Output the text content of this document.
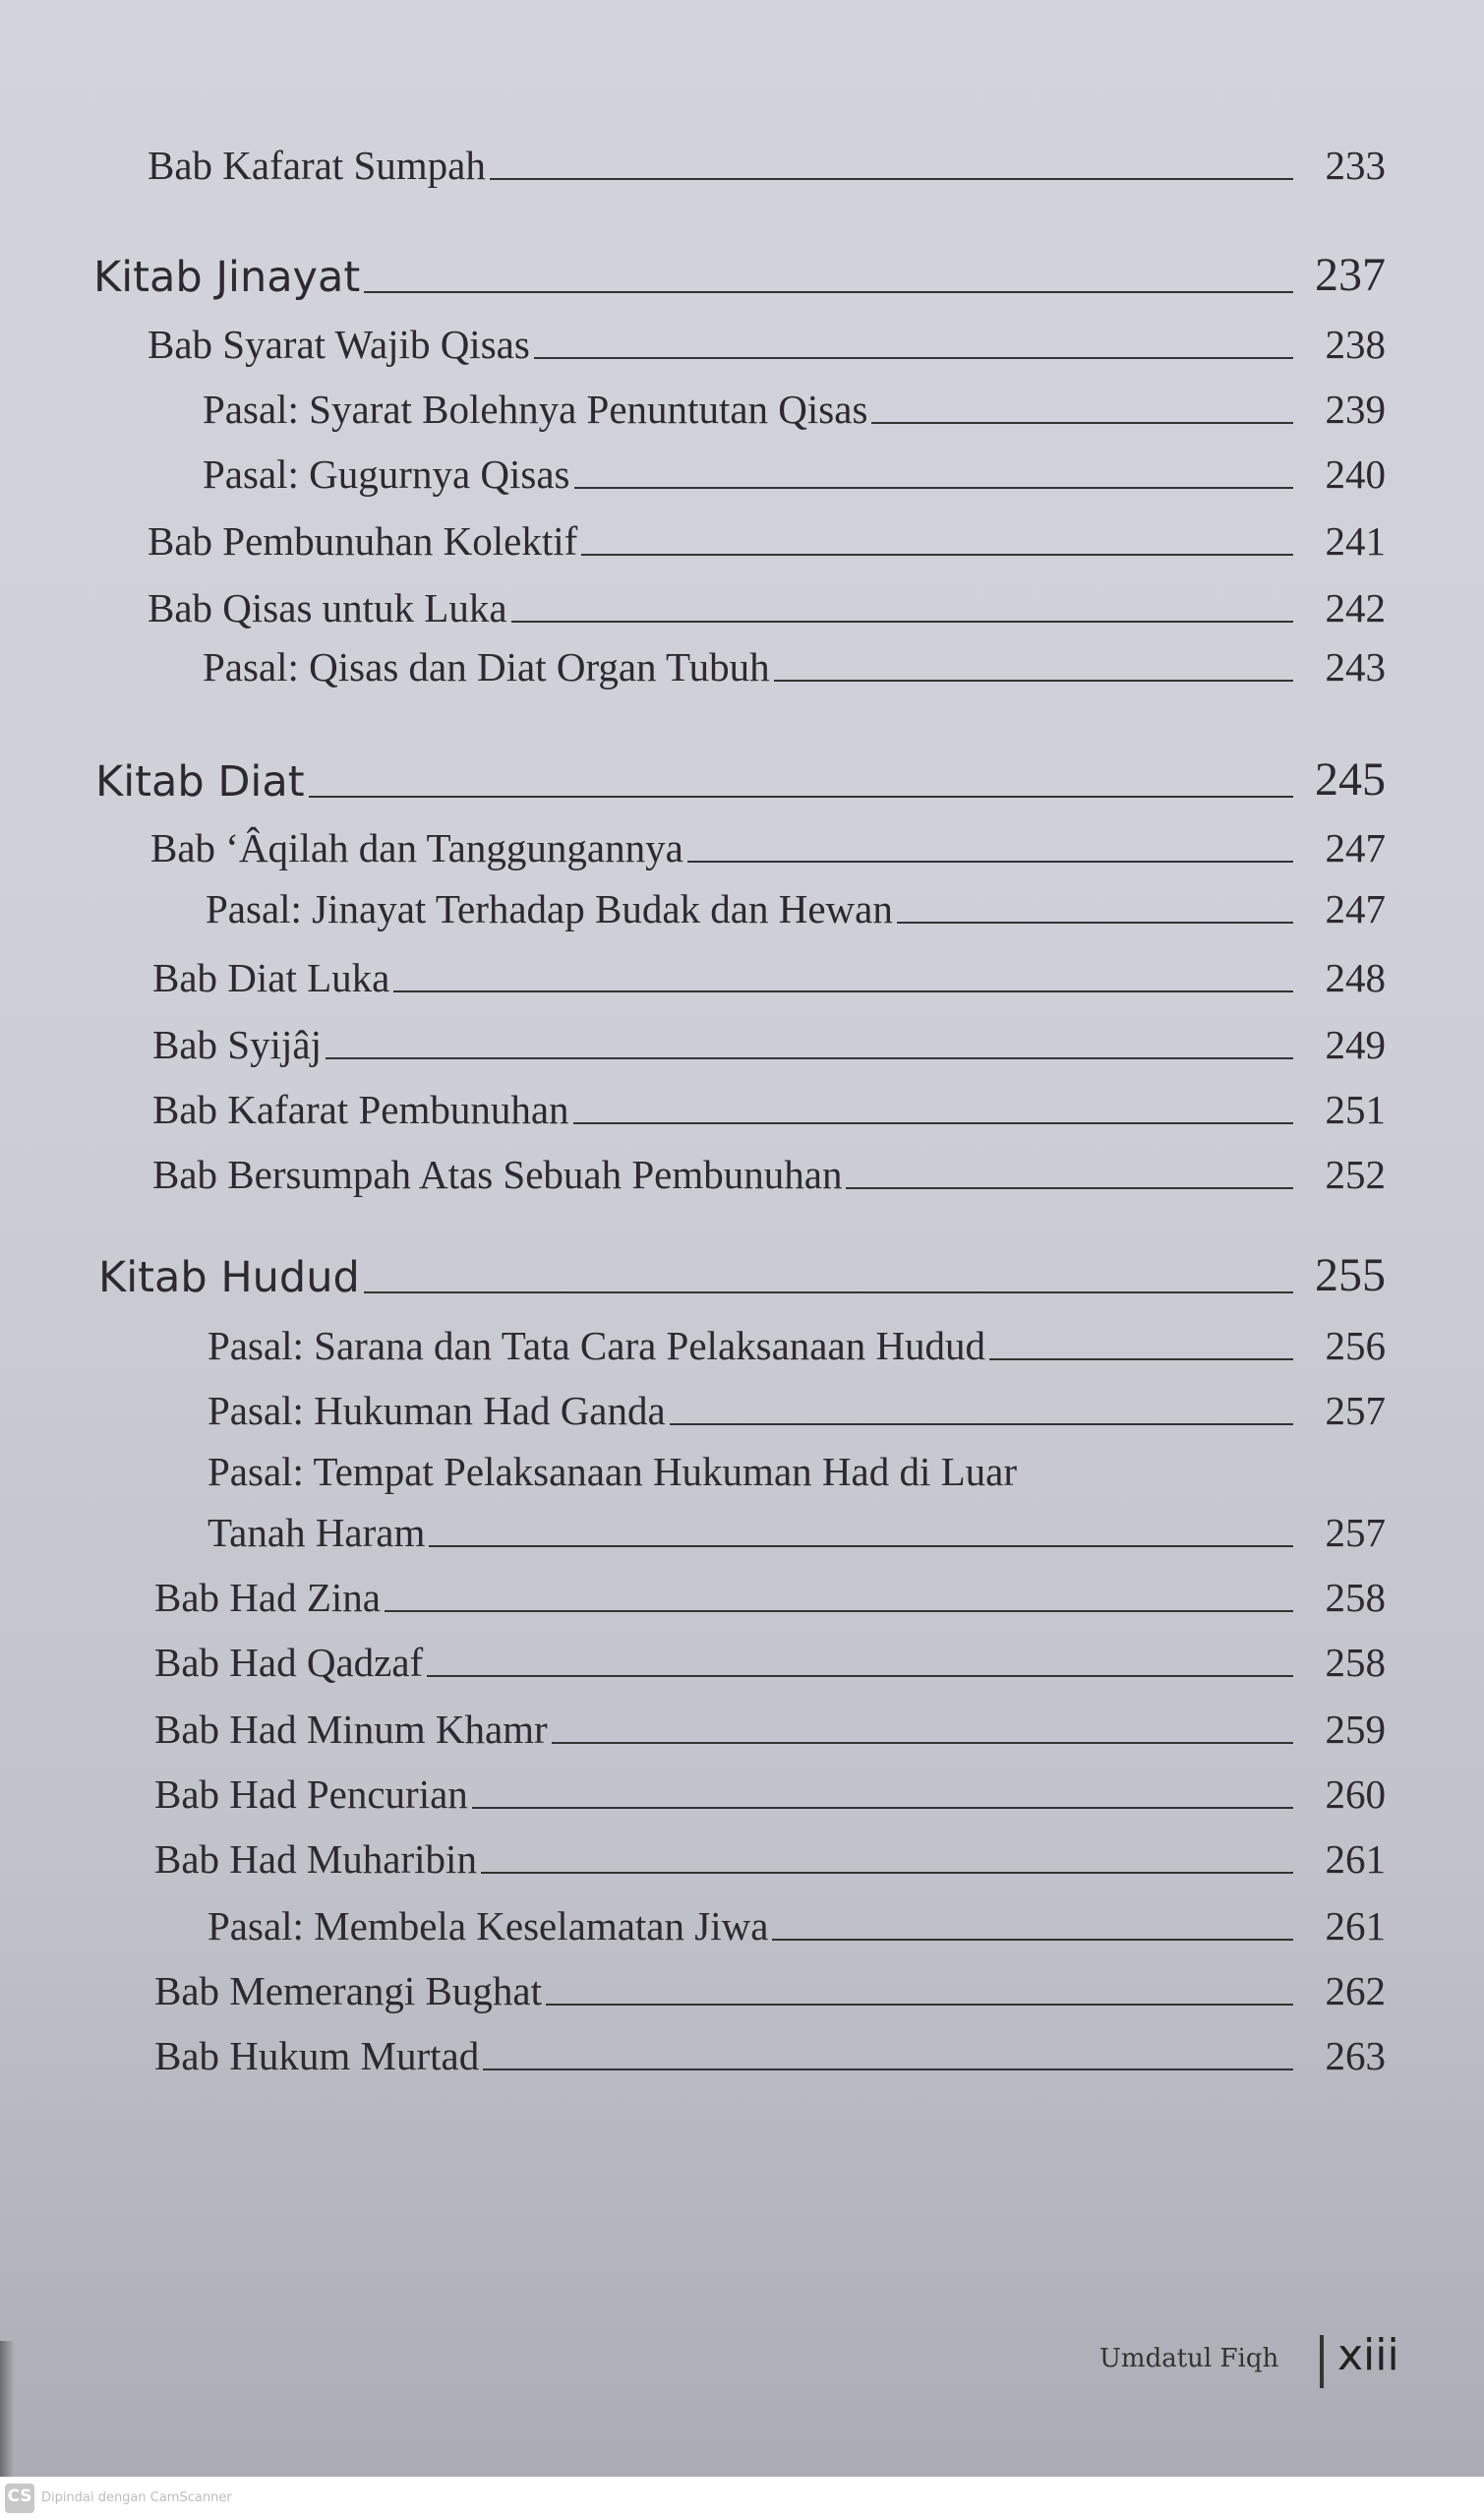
Bab Kafarat Sumpah	233
Kitab Jinayat	237
Bab Syarat Wajib Qisas	238
Pasal: Syarat Bolehnya Penuntutan Qisas	239
Pasal: Gugurnya Qisas	240
Bab Pembunuhan Kolektif	241
Bab Qisas untuk Luka	242
Pasal: Qisas dan Diat Organ Tubuh	243
Kitab Diat	245
Bab ‘Âqilah dan Tanggungannya	247
Pasal: Jinayat Terhadap Budak dan Hewan	247
Bab Diat Luka	248
Bab Syijâj	249
Bab Kafarat Pembunuhan	251
Bab Bersumpah Atas Sebuah Pembunuhan	252
Kitab Hudud	255
Pasal: Sarana dan Tata Cara Pelaksanaan Hudud	256
Pasal: Hukuman Had Ganda	257
Pasal: Tempat Pelaksanaan Hukuman Had di Luar
Tanah Haram	257
Bab Had Zina	258
Bab Had Qadzaf	258
Bab Had Minum Khamr	259
Bab Had Pencurian	260
Bab Had Muharibin	261
Pasal: Membela Keselamatan Jiwa	261
Bab Memerangi Bughat	262
Bab Hukum Murtad	263
Umdatul Fiqh xiii
CS Dipindai dengan CamScanner
